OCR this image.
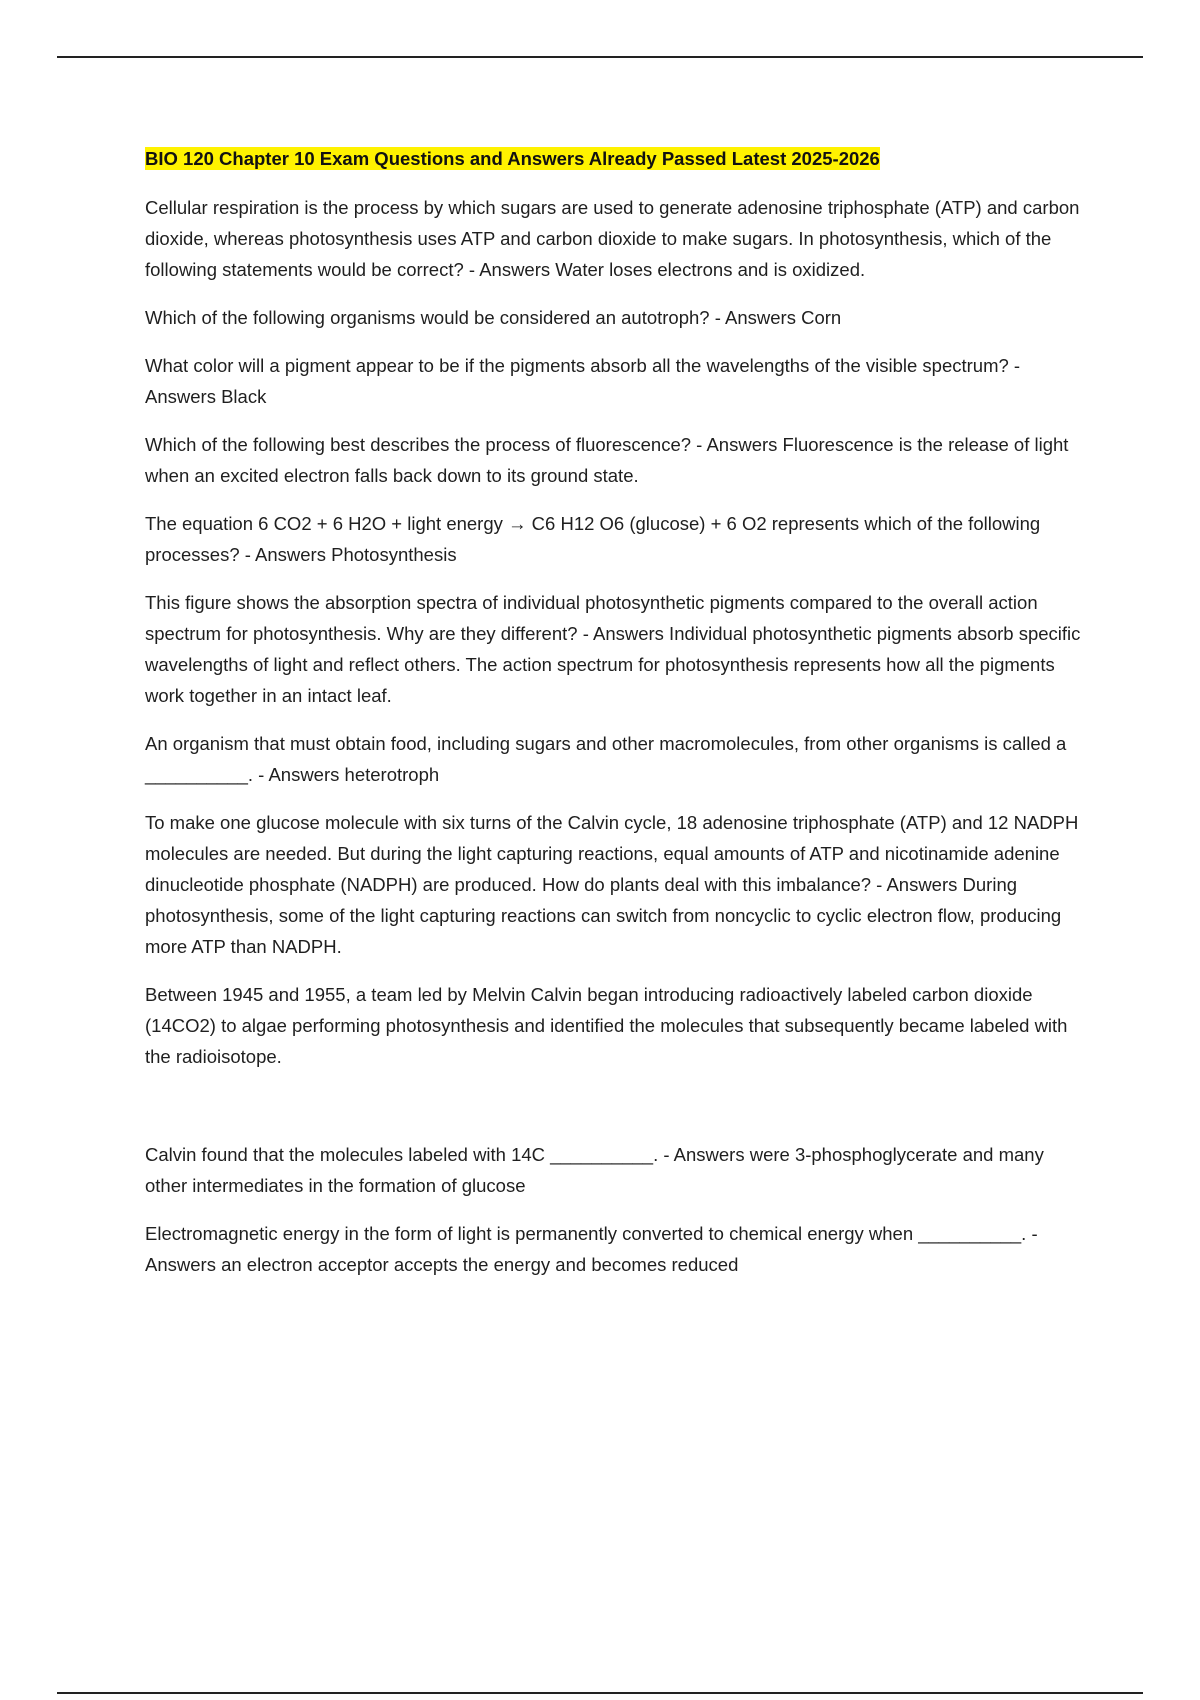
BIO 120 Chapter 10 Exam Questions and Answers Already Passed Latest 2025-2026

Cellular respiration is the process by which sugars are used to generate adenosine triphosphate (ATP) and carbon dioxide, whereas photosynthesis uses ATP and carbon dioxide to make sugars. In photosynthesis, which of the following statements would be correct? - Answers Water loses electrons and is oxidized.

Which of the following organisms would be considered an autotroph? - Answers Corn

What color will a pigment appear to be if the pigments absorb all the wavelengths of the visible spectrum? - Answers Black

Which of the following best describes the process of fluorescence? - Answers Fluorescence is the release of light when an excited electron falls back down to its ground state.

The equation 6 CO2 + 6 H2O + light energy → C6 H12 O6 (glucose) + 6 O2 represents which of the following processes? - Answers Photosynthesis

This figure shows the absorption spectra of individual photosynthetic pigments compared to the overall action spectrum for photosynthesis. Why are they different? - Answers Individual photosynthetic pigments absorb specific wavelengths of light and reflect others. The action spectrum for photosynthesis represents how all the pigments work together in an intact leaf.

An organism that must obtain food, including sugars and other macromolecules, from other organisms is called a __________. - Answers heterotroph

To make one glucose molecule with six turns of the Calvin cycle, 18 adenosine triphosphate (ATP) and 12 NADPH molecules are needed. But during the light capturing reactions, equal amounts of ATP and nicotinamide adenine dinucleotide phosphate (NADPH) are produced. How do plants deal with this imbalance? - Answers During photosynthesis, some of the light capturing reactions can switch from noncyclic to cyclic electron flow, producing more ATP than NADPH.

Between 1945 and 1955, a team led by Melvin Calvin began introducing radioactively labeled carbon dioxide (14CO2) to algae performing photosynthesis and identified the molecules that subsequently became labeled with the radioisotope.

Calvin found that the molecules labeled with 14C __________. - Answers were 3-phosphoglycerate and many other intermediates in the formation of glucose

Electromagnetic energy in the form of light is permanently converted to chemical energy when __________. - Answers an electron acceptor accepts the energy and becomes reduced
